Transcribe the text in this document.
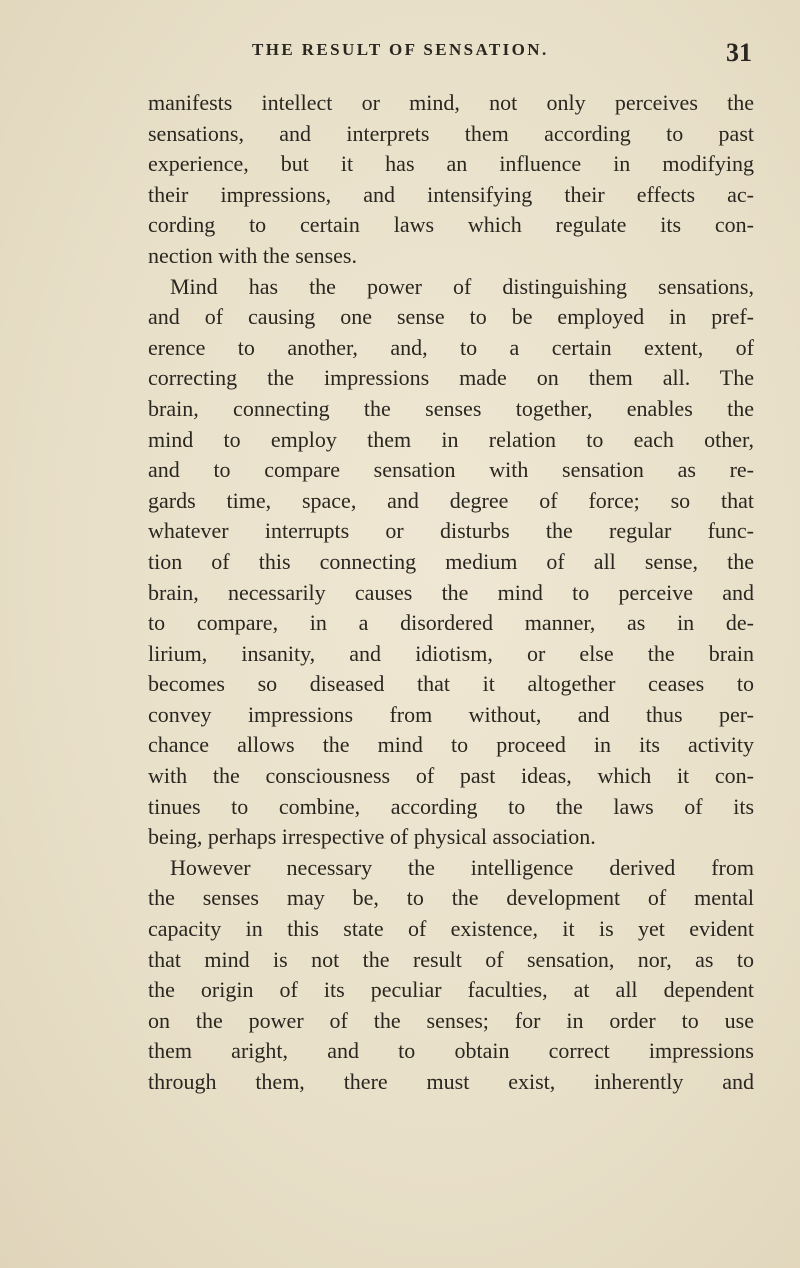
THE RESULT OF SENSATION.	31
manifests intellect or mind, not only perceives the
sensations, and interprets them according to past
experience, but it has an influence in modifying
their impressions, and intensifying their effects ac-
cording to certain laws which regulate its con-
nection with the senses.
Mind has the power of distinguishing sensations,
and of causing one sense to be employed in pref-
erence to another, and, to a certain extent, of
correcting the impressions made on them all. The
brain, connecting the senses together, enables the
mind to employ them in relation to each other,
and to compare sensation with sensation as re-
gards time, space, and degree of force; so that
whatever interrupts or disturbs the regular func-
tion of this connecting medium of all sense, the
brain, necessarily causes the mind to perceive and
to compare, in a disordered manner, as in de-
lirium, insanity, and idiotism, or else the brain
becomes so diseased that it altogether ceases to
convey impressions from without, and thus per-
chance allows the mind to proceed in its activity
with the consciousness of past ideas, which it con-
tinues to combine, according to the laws of its
being, perhaps irrespective of physical association.
However necessary the intelligence derived from
the senses may be, to the development of mental
capacity in this state of existence, it is yet evident
that mind is not the result of sensation, nor, as to
the origin of its peculiar faculties, at all dependent
on the power of the senses; for in order to use
them aright, and to obtain correct impressions
through them, there must exist, inherently and
